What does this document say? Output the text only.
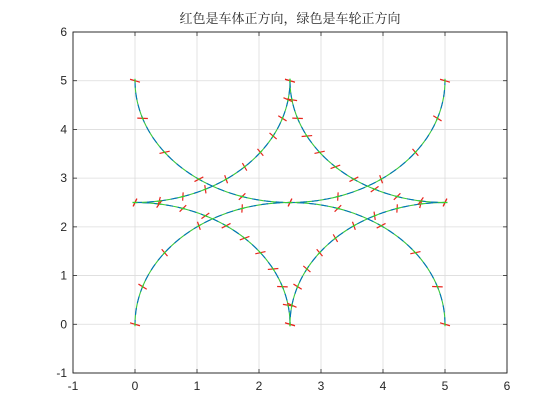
-1	0	1	2	3	4	5	6
-1
0
1
2
3
4
5
6
红色是车体正方向，绿色是车轮正方向
